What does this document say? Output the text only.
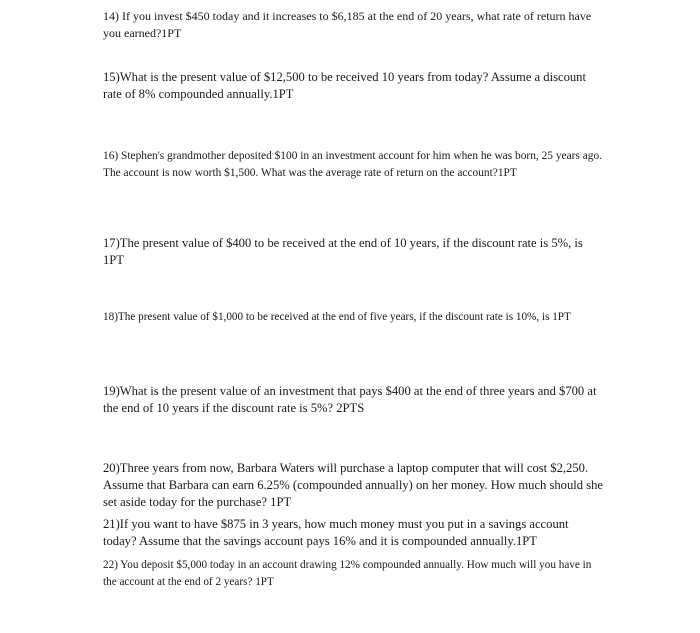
14) If you invest $450 today and it increases to $6,185 at the end of 20 years, what rate of return have you earned?1PT

15)What is the present value of $12,500 to be received 10 years from today? Assume a discount rate of 8% compounded annually.1PT

16) Stephen's grandmother deposited $100 in an investment account for him when he was born, 25 years ago. The account is now worth $1,500. What was the average rate of return on the account?1PT

17)The present value of $400 to be received at the end of 10 years, if the discount rate is 5%, is 1PT

18)The present value of $1,000 to be received at the end of five years, if the discount rate is 10%, is 1PT

19)What is the present value of an investment that pays $400 at the end of three years and $700 at the end of 10 years if the discount rate is 5%? 2PTS

20)Three years from now, Barbara Waters will purchase a laptop computer that will cost $2,250. Assume that Barbara can earn 6.25% (compounded annually) on her money. How much should she set aside today for the purchase? 1PT

21)If you want to have $875 in 3 years, how much money must you put in a savings account today? Assume that the savings account pays 16% and it is compounded annually.1PT

22) You deposit $5,000 today in an account drawing 12% compounded annually. How much will you have in the account at the end of 2 years? 1PT
